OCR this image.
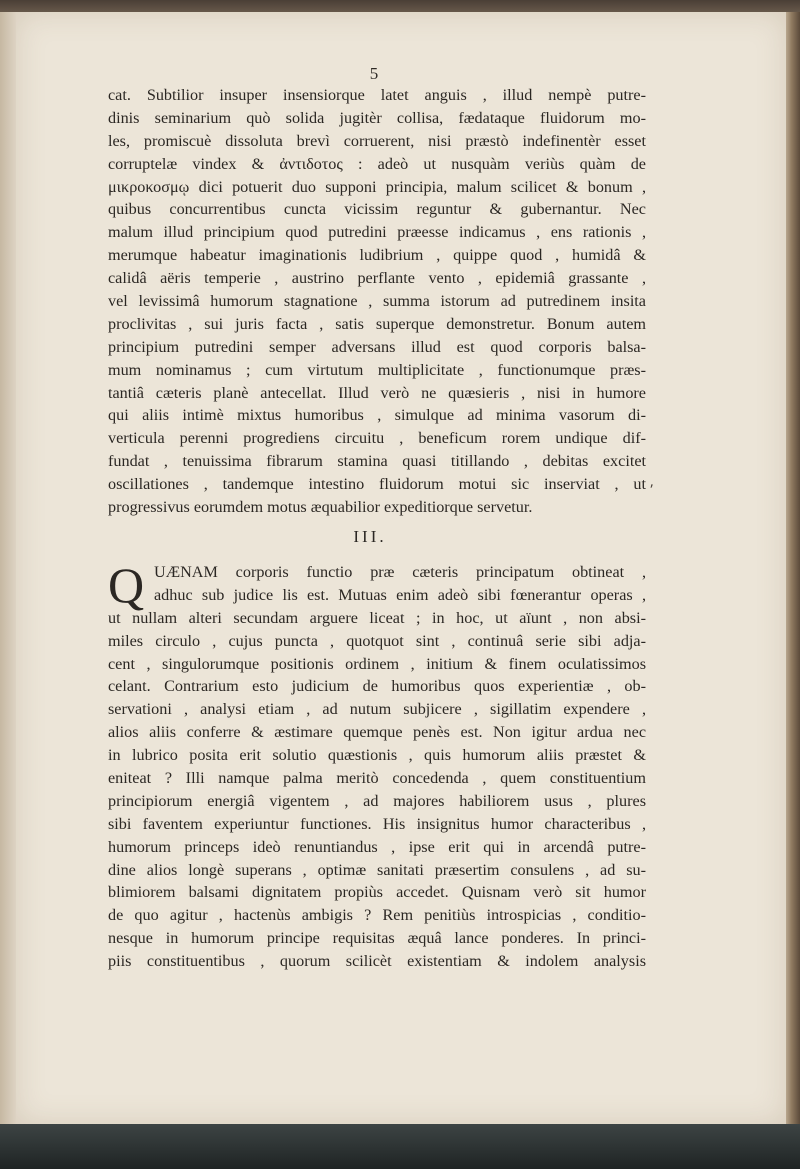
5
cat. Subtilior insuper insensiorque latet anguis , illud nempè putre-
dinis seminarium quò solida jugitèr collisa, fædataque fluidorum mo-
les, promiscuè dissoluta brevì corruerent, nisi præstò indefinentèr esset
corruptelæ vindex & ἀντιδοτος : adeò ut nusquàm veriùs quàm de
μικροκοσμῳ dici potuerit duo supponi principia, malum scilicet & bonum ,
quibus concurrentibus cuncta vicissim reguntur & gubernantur. Nec
malum illud principium quod putredini præesse indicamus , ens rationis ,
merumque habeatur imaginationis ludibrium , quippe quod , humidâ &
calidâ aëris temperie , austrino perflante vento , epidemiâ grassante ,
vel levissimâ humorum stagnatione , summa istorum ad putredinem insita
proclivitas , sui juris facta , satis superque demonstretur. Bonum autem
principium putredini semper adversans illud est quod corporis balsa-
mum nominamus ; cum virtutum multiplicitate , functionumque præs-
tantiâ cæteris planè antecellat. Illud verò ne quæsieris , nisi in humore
qui aliis intimè mixtus humoribus , simulque ad minima vasorum di-
verticula perenni progrediens circuitu , beneficum rorem undique dif-
fundat , tenuissima fibrarum stamina quasi titillando , debitas excitet
oscillationes , tandemque intestino fluidorum motui sic inserviat , ut
progressivus eorumdem motus æquabilior expeditiorque servetur.
III.
Q UÆNAM corporis functio præ cæteris principatum obtineat ,
adhuc sub judice lis est. Mutuas enim adeò sibi fœnerantur operas ,
ut nullam alteri secundam arguere liceat ; in hoc, ut aïunt , non absi-
miles circulo , cujus puncta , quotquot sint , continuâ serie sibi adja-
cent , singulorumque positionis ordinem , initium & finem oculatissimos
celant. Contrarium esto judicium de humoribus quos experientiæ , ob-
servationi , analysi etiam , ad nutum subjicere , sigillatim expendere ,
alios aliis conferre & æstimare quemque penès est. Non igitur ardua nec
in lubrico posita erit solutio quæstionis , quis humorum aliis præstet &
eniteat ? Illi namque palma meritò concedenda , quem constituentium
principiorum energiâ vigentem , ad majores habiliorem usus , plures
sibi faventem experiuntur functiones. His insignitus humor characteribus ,
humorum princeps ideò renuntiandus , ipse erit qui in arcendâ putre-
dine alios longè superans , optimæ sanitati præsertim consulens , ad su-
blimiorem balsami dignitatem propiùs accedet. Quisnam verò sit humor
de quo agitur , hactenùs ambigis ? Rem penitiùs introspicias , conditio-
nesque in humorum principe requisitas æquâ lance ponderes. In princi-
piis constituentibus , quorum scilicèt existentiam & indolem analysis
⸴
